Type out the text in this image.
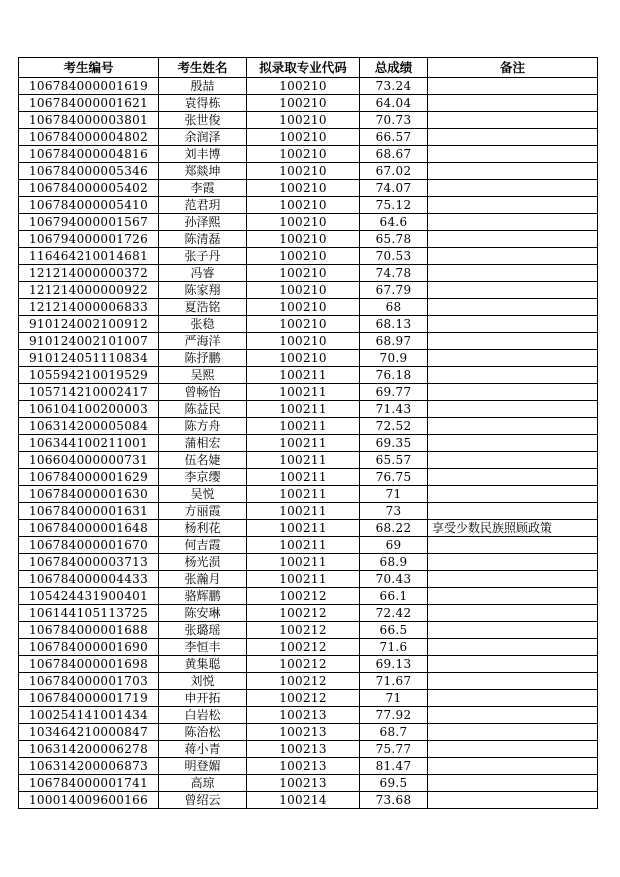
考生编号	考生姓名	拟录取专业代码	总成绩	备注
106784000001619	殷喆	100210	73.24	
106784000001621	袁得栋	100210	64.04	
106784000003801	张世俊	100210	70.73	
106784000004802	余润泽	100210	66.57	
106784000004816	刘丰博	100210	68.67	
106784000005346	郑燚坤	100210	67.02	
106784000005402	李霞	100210	74.07	
106784000005410	范君玥	100210	75.12	
106794000001567	孙泽熙	100210	64.6	
106794000001726	陈清磊	100210	65.78	
116464210014681	张子丹	100210	70.53	
121214000000372	冯睿	100210	74.78	
121214000000922	陈家翔	100210	67.79	
121214000006833	夏浩铭	100210	68	
910124002100912	张稳	100210	68.13	
910124002101007	严海洋	100210	68.97	
910124051110834	陈抒鹏	100210	70.9	
105594210019529	吴熙	100211	76.18	
105714210002417	曾畅怡	100211	69.77	
106104100200003	陈益民	100211	71.43	
106314200005084	陈方舟	100211	72.52	
106344100211001	蒲相宏	100211	69.35	
106604000000731	伍名婕	100211	65.57	
106784000001629	李京缨	100211	76.75	
106784000001630	吴悦	100211	71	
106784000001631	方丽霞	100211	73	
106784000001648	杨利花	100211	68.22	享受少数民族照顾政策
106784000001670	何吉霞	100211	69	
106784000003713	杨光涢	100211	68.9	
106784000004433	张瀚月	100211	70.43	
105424431900401	骆辉鹏	100212	66.1	
106144105113725	陈安琳	100212	72.42	
106784000001688	张璐瑶	100212	66.5	
106784000001690	李恒丰	100212	71.6	
106784000001698	黄集聪	100212	69.13	
106784000001703	刘悦	100212	71.67	
106784000001719	申开拓	100212	71	
100254141001434	白岩松	100213	77.92	
103464210000847	陈治松	100213	68.7	
106314200006278	蒋小青	100213	75.77	
106314200006873	明登媚	100213	81.47	
106784000001741	高琼	100213	69.5	
100014009600166	曾绍云	100214	73.68	
